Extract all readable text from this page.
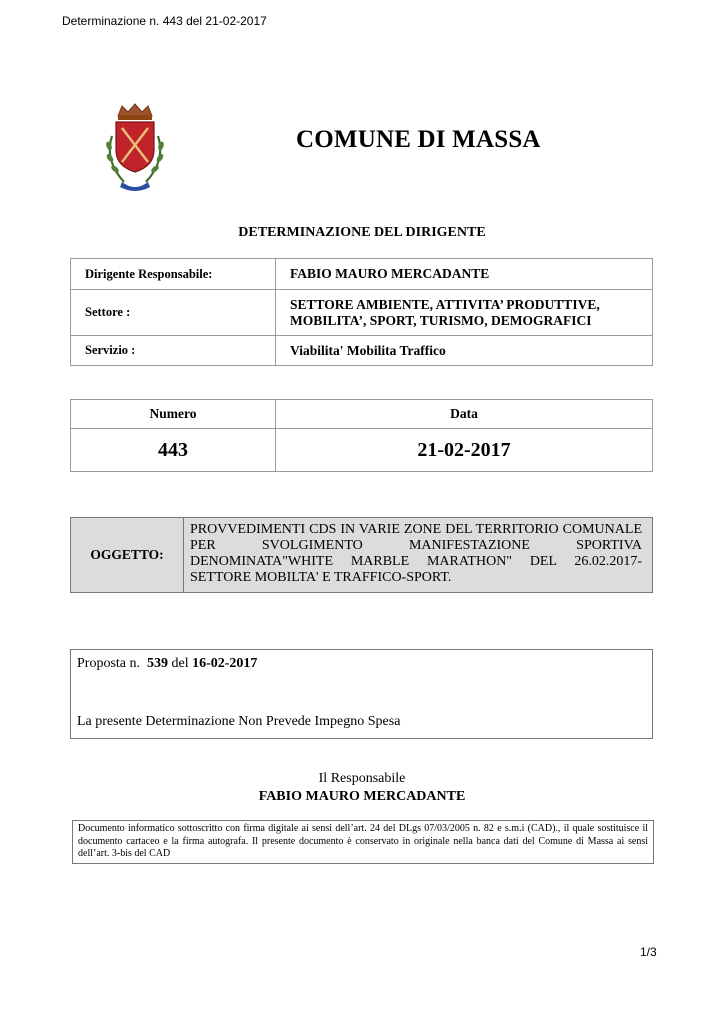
Determinazione n. 443 del 21-02-2017
COMUNE DI MASSA
DETERMINAZIONE DEL DIRIGENTE
Dirigente Responsabile:	FABIO MAURO MERCADANTE
Settore :	SETTORE AMBIENTE, ATTIVITA’ PRODUTTIVE,
MOBILITA’, SPORT, TURISMO, DEMOGRAFICI

Servizio :	Viabilita' Mobilita Traffico
Numero	Data
443	21-02-2017
OGGETTO:	PROVVEDIMENTI CDS IN VARIE ZONE DEL TERRITORIO COMUNALE PER SVOLGIMENTO MANIFESTAZIONE SPORTIVA DENOMINATA"WHITE MARBLE MARATHON" DEL 26.02.2017-SETTORE MOBILTA' E TRAFFICO-SPORT.
Proposta n. 539 del 16-02-2017
La presente Determinazione Non Prevede Impegno Spesa
Il Responsabile
FABIO MAURO MERCADANTE
Documento informatico sottoscritto con firma digitale ai sensi dell’art. 24 del DLgs 07/03/2005 n. 82 e s.m.i (CAD)., il quale sostituisce il documento cartaceo e la firma autografa. Il presente documento è conservato in originale nella banca dati del Comune di Massa ai sensi dell’art. 3-bis del CAD
1/3
